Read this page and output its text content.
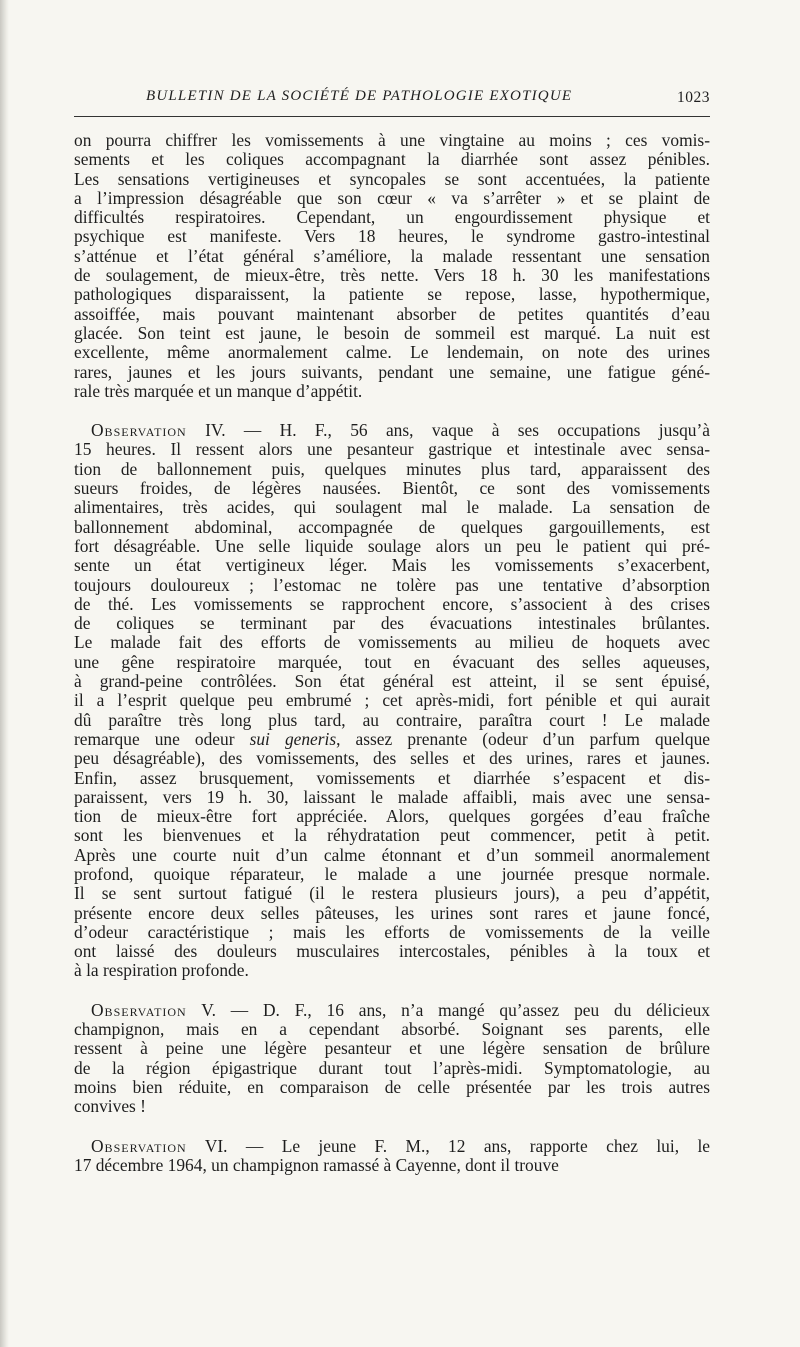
BULLETIN DE LA SOCIÉTÉ DE PATHOLOGIE EXOTIQUE	1023
on pourra chiffrer les vomissements à une vingtaine au moins ; ces vomis-
sements et les coliques accompagnant la diarrhée sont assez pénibles.
Les sensations vertigineuses et syncopales se sont accentuées, la patiente
a l’impression désagréable que son cœur « va s’arrêter » et se plaint de
difficultés respiratoires. Cependant, un engourdissement physique et
psychique est manifeste. Vers 18 heures, le syndrome gastro-intestinal
s’atténue et l’état général s’améliore, la malade ressentant une sensation
de soulagement, de mieux-être, très nette. Vers 18 h. 30 les manifestations
pathologiques disparaissent, la patiente se repose, lasse, hypothermique,
assoiffée, mais pouvant maintenant absorber de petites quantités d’eau
glacée. Son teint est jaune, le besoin de sommeil est marqué. La nuit est
excellente, même anormalement calme. Le lendemain, on note des urines
rares, jaunes et les jours suivants, pendant une semaine, une fatigue géné-
rale très marquée et un manque d’appétit.
Observation IV. — H. F., 56 ans, vaque à ses occupations jusqu’à
15 heures. Il ressent alors une pesanteur gastrique et intestinale avec sensa-
tion de ballonnement puis, quelques minutes plus tard, apparaissent des
sueurs froides, de légères nausées. Bientôt, ce sont des vomissements
alimentaires, très acides, qui soulagent mal le malade. La sensation de
ballonnement abdominal, accompagnée de quelques gargouillements, est
fort désagréable. Une selle liquide soulage alors un peu le patient qui pré-
sente un état vertigineux léger. Mais les vomissements s’exacerbent,
toujours douloureux ; l’estomac ne tolère pas une tentative d’absorption
de thé. Les vomissements se rapprochent encore, s’associent à des crises
de coliques se terminant par des évacuations intestinales brûlantes.
Le malade fait des efforts de vomissements au milieu de hoquets avec
une gêne respiratoire marquée, tout en évacuant des selles aqueuses,
à grand-peine contrôlées. Son état général est atteint, il se sent épuisé,
il a l’esprit quelque peu embrumé ; cet après-midi, fort pénible et qui aurait
dû paraître très long plus tard, au contraire, paraîtra court ! Le malade
remarque une odeur sui generis, assez prenante (odeur d’un parfum quelque
peu désagréable), des vomissements, des selles et des urines, rares et jaunes.
Enfin, assez brusquement, vomissements et diarrhée s’espacent et dis-
paraissent, vers 19 h. 30, laissant le malade affaibli, mais avec une sensa-
tion de mieux-être fort appréciée. Alors, quelques gorgées d’eau fraîche
sont les bienvenues et la réhydratation peut commencer, petit à petit.
Après une courte nuit d’un calme étonnant et d’un sommeil anormalement
profond, quoique réparateur, le malade a une journée presque normale.
Il se sent surtout fatigué (il le restera plusieurs jours), a peu d’appétit,
présente encore deux selles pâteuses, les urines sont rares et jaune foncé,
d’odeur caractéristique ; mais les efforts de vomissements de la veille
ont laissé des douleurs musculaires intercostales, pénibles à la toux et
à la respiration profonde.
Observation V. — D. F., 16 ans, n’a mangé qu’assez peu du délicieux
champignon, mais en a cependant absorbé. Soignant ses parents, elle
ressent à peine une légère pesanteur et une légère sensation de brûlure
de la région épigastrique durant tout l’après-midi. Symptomatologie, au
moins bien réduite, en comparaison de celle présentée par les trois autres
convives !
Observation VI. — Le jeune F. M., 12 ans, rapporte chez lui, le
17 décembre 1964, un champignon ramassé à Cayenne, dont il trouve
